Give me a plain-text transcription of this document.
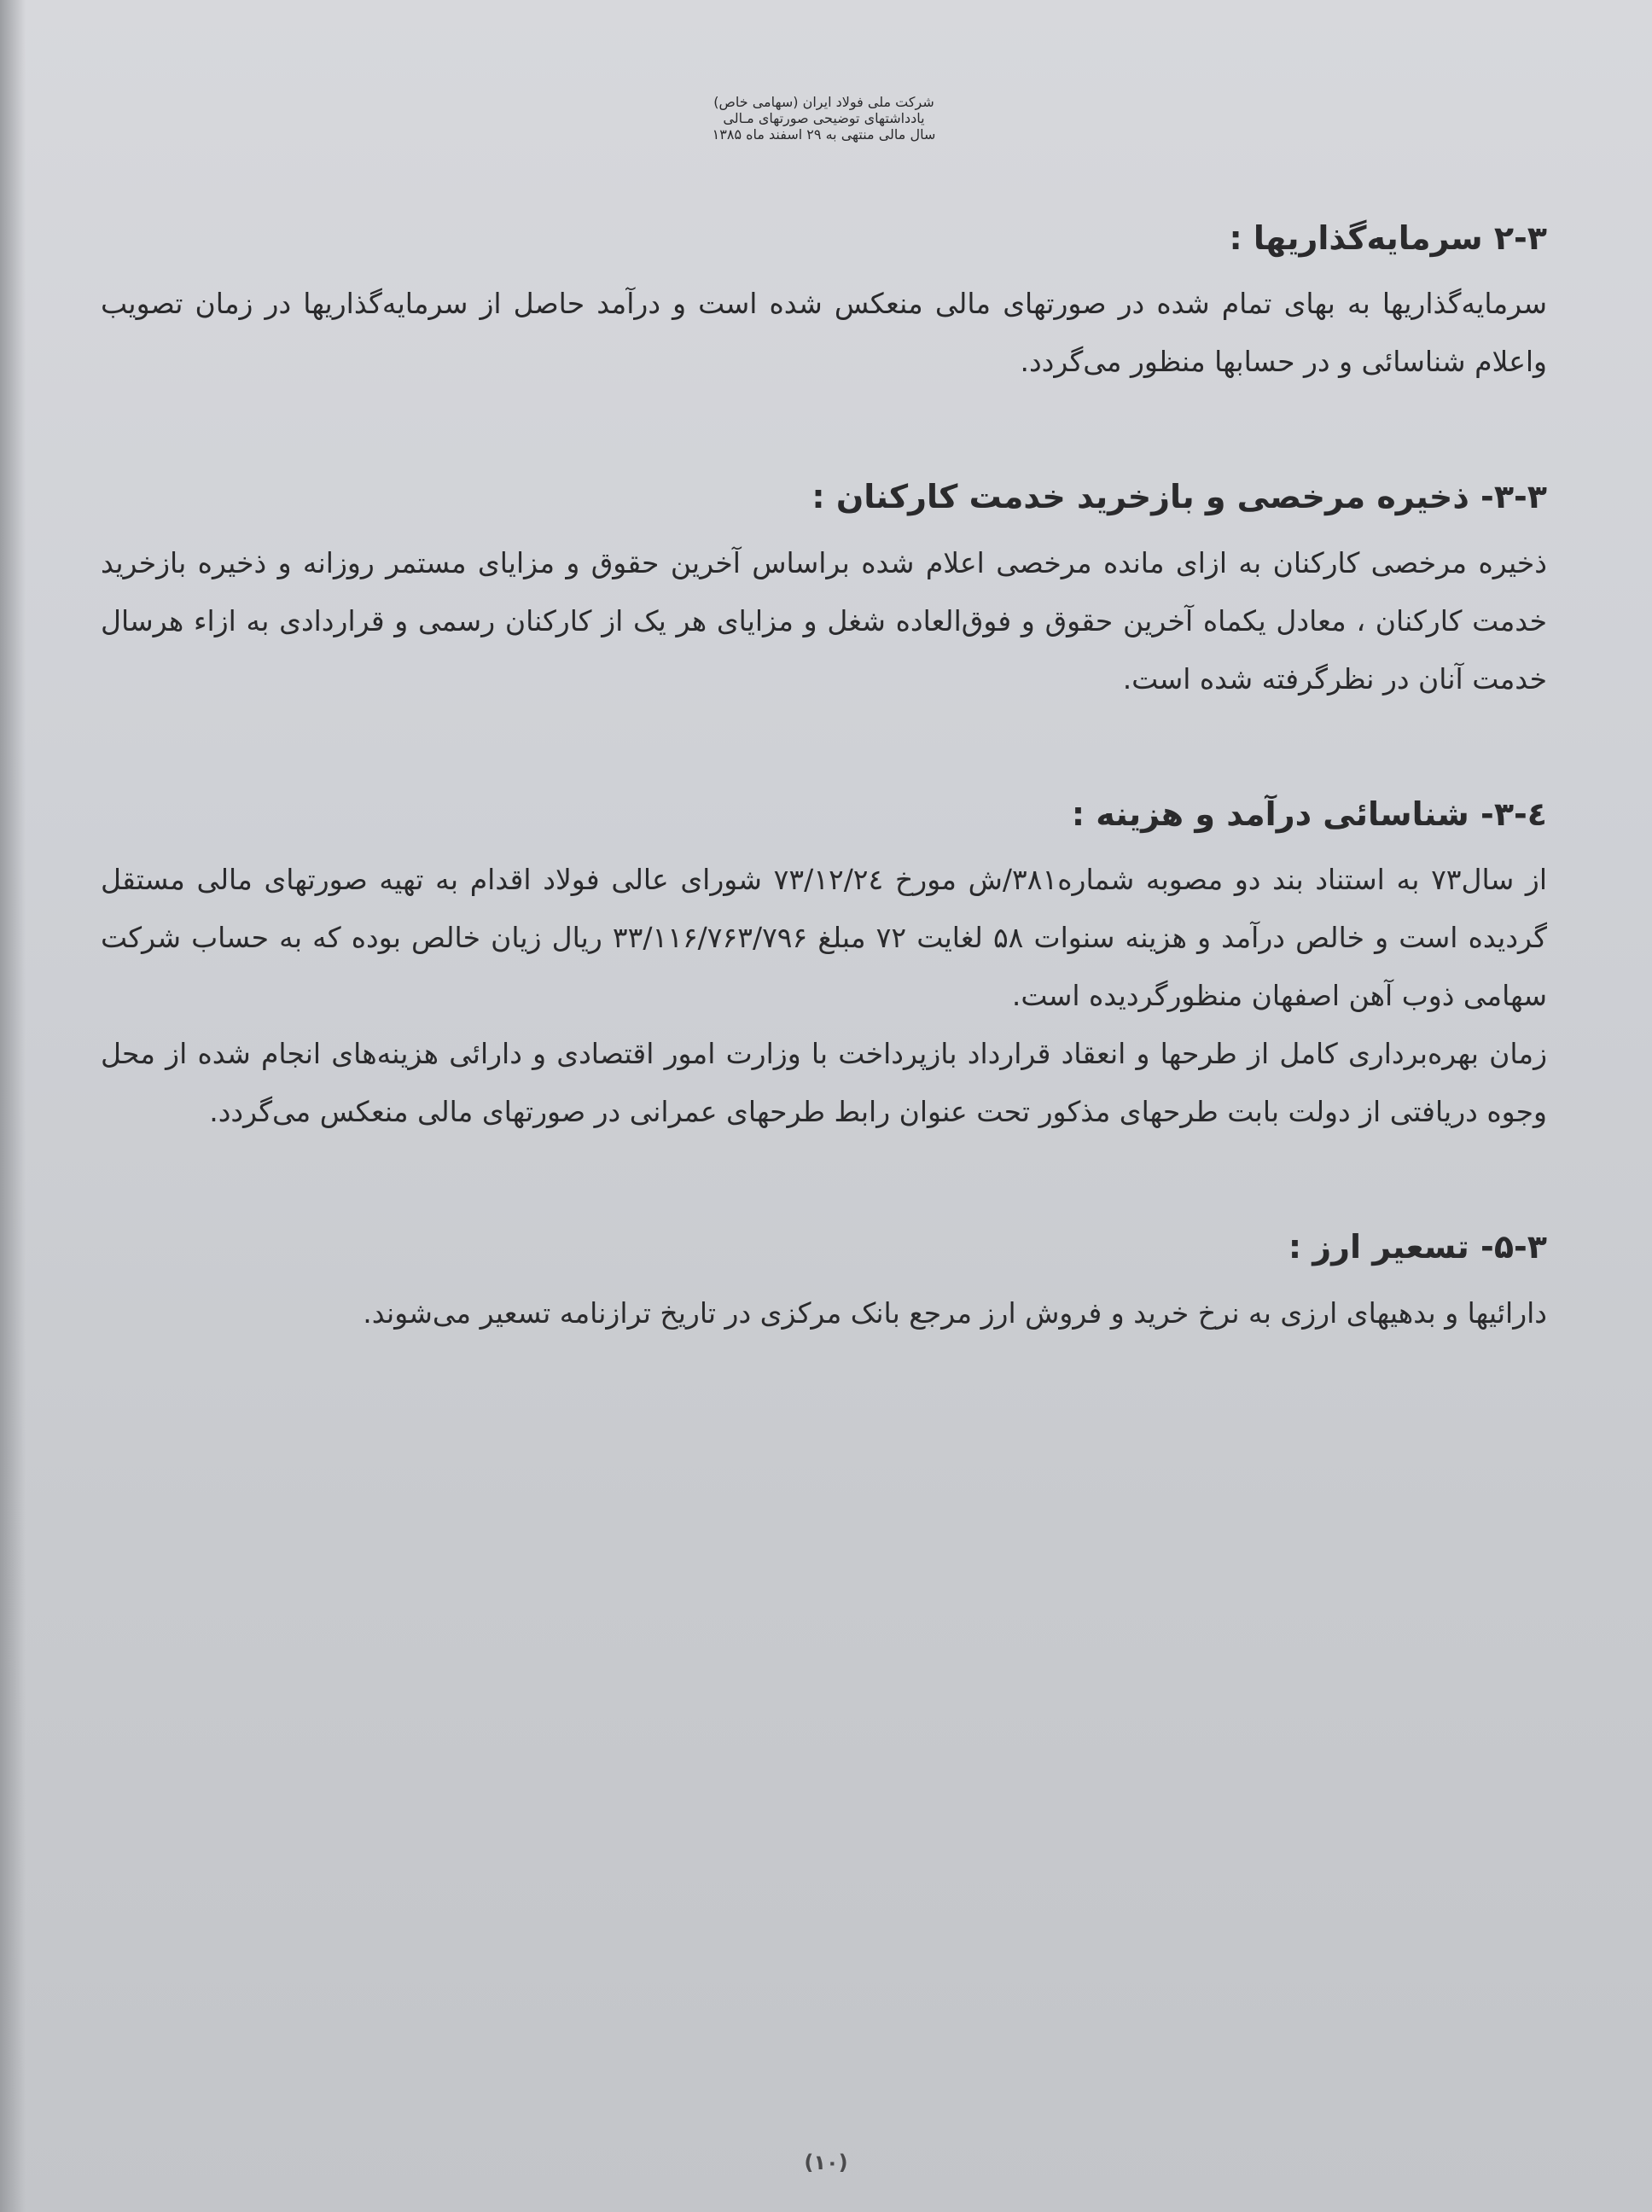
شرکت ملی فولاد ایران (سهامی خاص)
یادداشتهای توضیحی صورتهای مـالی
سال مالی منتهی به ۲۹ اسفند ماه ۱۳۸۵
۲-۳ سرمایه‌گذاریها :

سرمایه‌گذاریها به بهای تمام شده در صورتهای مالی منعکس شده است و درآمد حاصل از سرمایه‌گذاریها در زمان تصویب واعلام شناسائی و در حسابها منظور می‌گردد.

۳-۳- ذخیره مرخصی و بازخرید خدمت کارکنان :

ذخیره مرخصی کارکنان به ازای مانده مرخصی اعلام شده براساس آخرین حقوق و مزایای مستمر روزانه و ذخیره بازخرید خدمت کارکنان ، معادل یکماه آخرین حقوق و فوق‌العاده شغل و مزایای هر یک از کارکنان رسمی و قراردادی به ازاء هرسال خدمت آنان در نظرگرفته شده است.

٤-۳- شناسائی درآمد و هزینه :

از سال۷۳ به استناد بند دو مصوبه شماره۳۸۱/ش مورخ ۷۳/۱۲/۲٤ شورای عالی فولاد اقدام به تهیه صورتهای مالی مستقل گردیده است و خالص درآمد و هزینه سنوات ۵۸ لغایت ۷۲ مبلغ ۳۳/۱۱۶/۷۶۳/۷۹۶ ریال زیان خالص بوده که به حساب شرکت سهامی ذوب آهن اصفهان منظورگردیده است.

زمان بهره‌برداری کامل از طرحها و انعقاد قرارداد بازپرداخت با وزارت امور اقتصادی و دارائی هزینه‌های انجام شده از محل وجوه دریافتی از دولت بابت طرحهای مذکور تحت عنوان رابط طرحهای عمرانی در صورتهای مالی منعکس می‌گردد.

۵-۳- تسعیر ارز :

دارائیها و بدهیهای ارزی به نرخ خرید و فروش ارز مرجع بانک مرکزی در تاریخ ترازنامه تسعیر می‌شوند.

(۱۰)
